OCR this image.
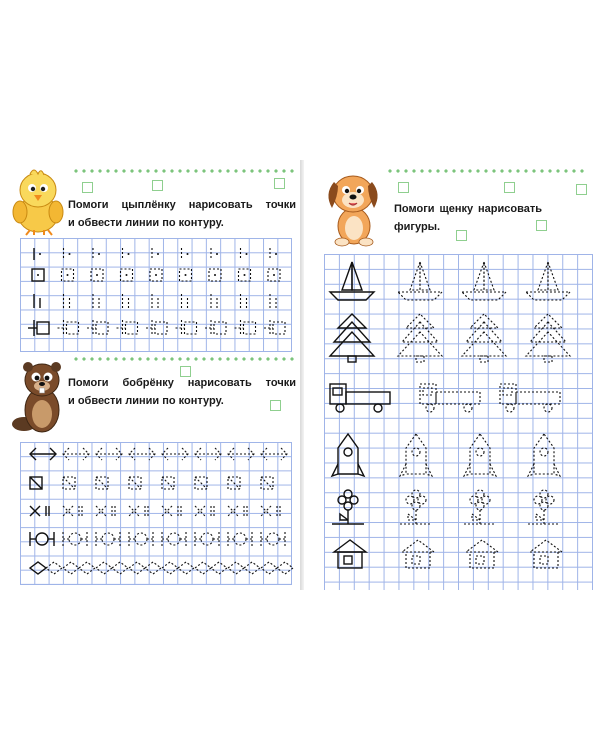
Помоги цыплёнку нарисовать точки
и обвести линии по контуру.
Помоги бобрёнку нарисовать точки
и обвести линии по контуру.
Помоги щенку нарисовать
фигуры.
